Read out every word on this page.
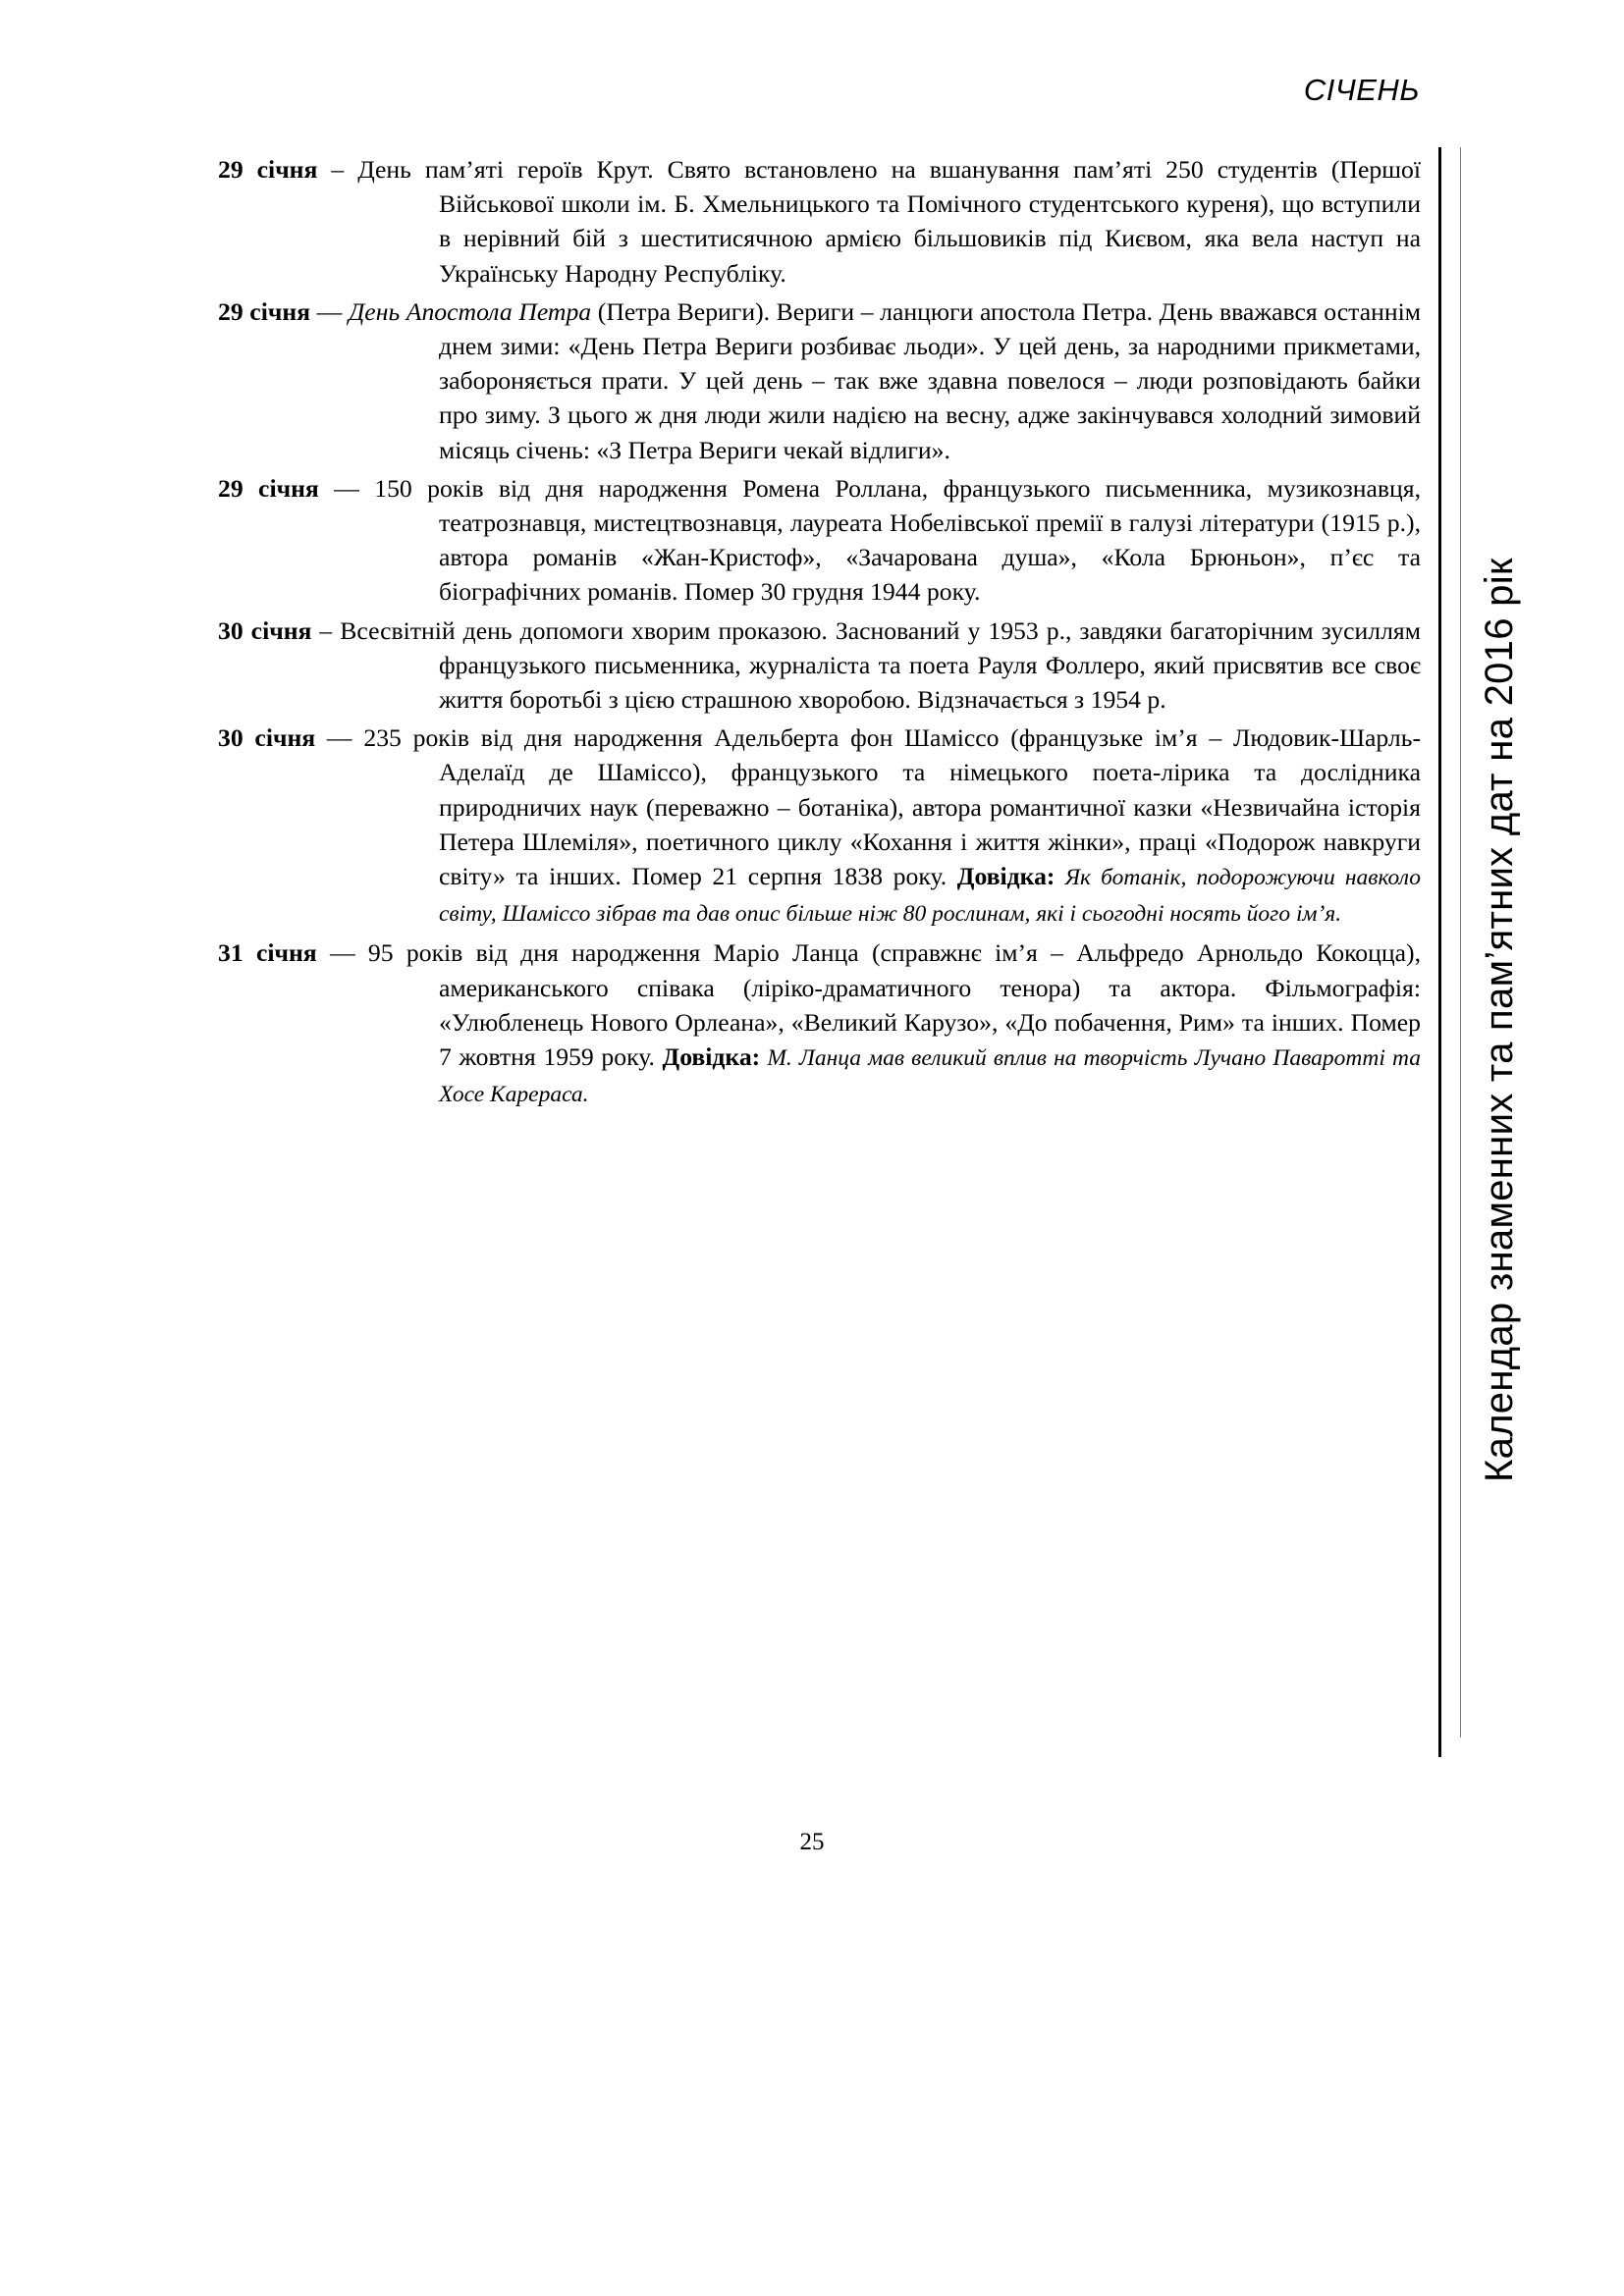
СІЧЕНЬ

29 січня – День пам’яті героїв Крут. Свято встановлено на вшанування пам’яті 250 студентів (Першої Військової школи ім. Б. Хмельницького та Помічного студентського куреня), що вступили в нерівний бій з шеститисячною армією більшовиків під Києвом, яка вела наступ на Українську Народну Республіку.

29 січня — День Апостола Петра (Петра Вериги). Вериги – ланцюги апостола Петра. День вважався останнім днем зими: «День Петра Вериги розбиває льоди». У цей день, за народними прикметами, забороняється прати. У цей день – так вже здавна повелося – люди розповідають байки про зиму. З цього ж дня люди жили надією на весну, адже закінчувався холодний зимовий місяць січень: «З Петра Вериги чекай відлиги».

29 січня — 150 років від дня народження Ромена Роллана, французького письменника, музикознавця, театрознавця, мистецтвознавця, лауреата Нобелівської премії в галузі літератури (1915 р.), автора романів «Жан-Кристоф», «Зачарована душа», «Кола Брюньон», п’єс та біографічних романів. Помер 30 грудня 1944 року.

30 січня – Всесвітній день допомоги хворим проказою. Заснований у 1953 р., завдяки багаторічним зусиллям французького письменника, журналіста та поета Рауля Фоллеро, який присвятив все своє життя боротьбі з цією страшною хворобою. Відзначається з 1954 р.

30 січня — 235 років від дня народження Адельберта фон Шаміссо (французьке ім’я – Людовик-Шарль-Аделаїд де Шаміссо), французького та німецького поета-лірика та дослідника природничих наук (переважно – ботаніка), автора романтичної казки «Незвичайна історія Петера Шлеміля», поетичного циклу «Кохання і життя жінки», праці «Подорож навкруги світу» та інших. Помер 21 серпня 1838 року. Довідка: Як ботанік, подорожуючи навколо світу, Шаміссо зібрав та дав опис більше ніж 80 рослинам, які і сьогодні носять його ім’я.

31 січня — 95 років від дня народження Маріо Ланца (справжнє ім’я – Альфредо Арнольдо Кокоцца), американського співака (ліріко-драматичного тенора) та актора. Фільмографія: «Улюбленець Нового Орлеана», «Великий Карузо», «До побачення, Рим» та інших. Помер 7 жовтня 1959 року. Довідка: М. Ланца мав великий вплив на творчість Лучано Паваротті та Хосе Карераса.	Календар знаменних та пам’ятних дат на 2016 рік
25
